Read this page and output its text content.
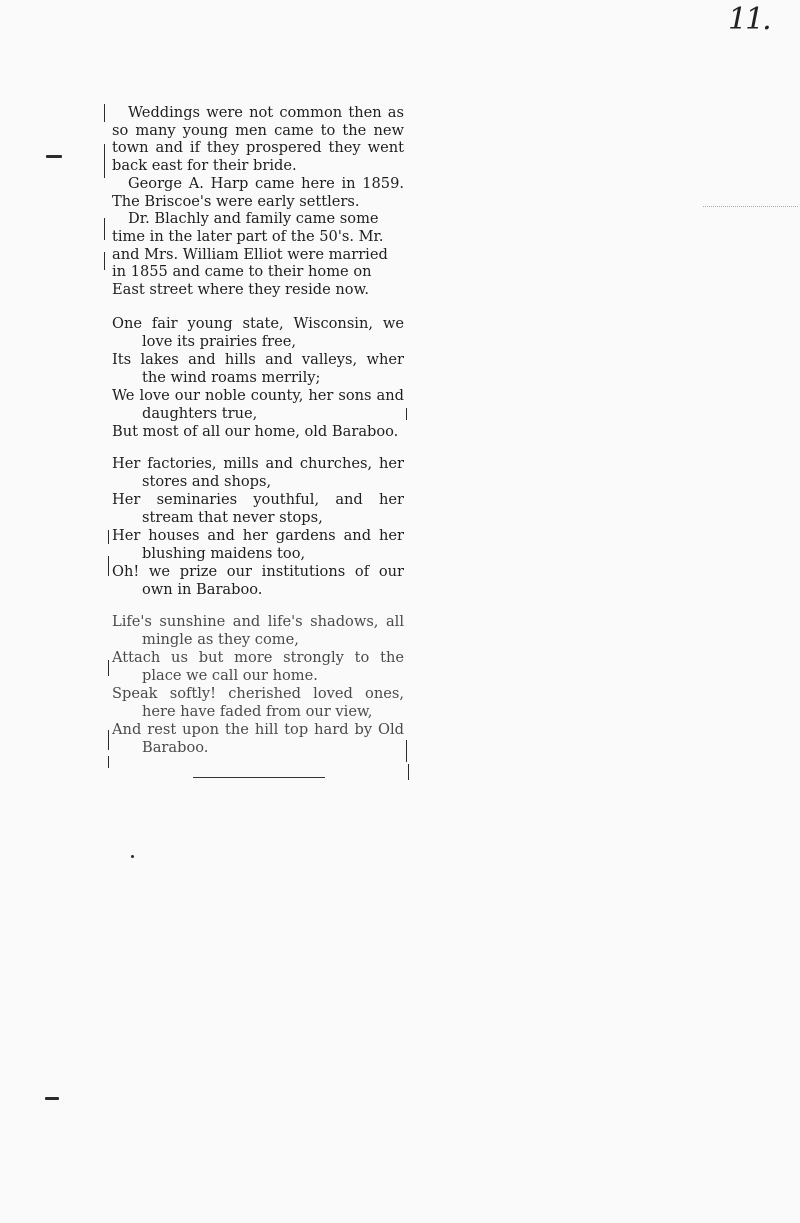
11.

Weddings were not common then as so many young men came to the new town and if they prospered they went back east for their bride.

George A. Harp came here in 1859. The Briscoe's were early settlers.

Dr. Blachly and family came some time in the later part of the 50's. Mr. and Mrs. William Elliot were married in 1855 and came to their home on East street where they reside now.

One fair young state, Wisconsin, we love its prairies free,

Its lakes and hills and valleys, wher the wind roams merrily;

We love our noble county, her sons and daughters true,

But most of all our home, old Baraboo.

Her factories, mills and churches, her stores and shops,

Her seminaries youthful, and her stream that never stops,

Her houses and her gardens and her blushing maidens too,

Oh! we prize our institutions of our own in Baraboo.

Life's sunshine and life's shadows, all mingle as they come,

Attach us but more strongly to the place we call our home.

Speak softly! cherished loved ones, here have faded from our view,

And rest upon the hill top hard by Old Baraboo.
